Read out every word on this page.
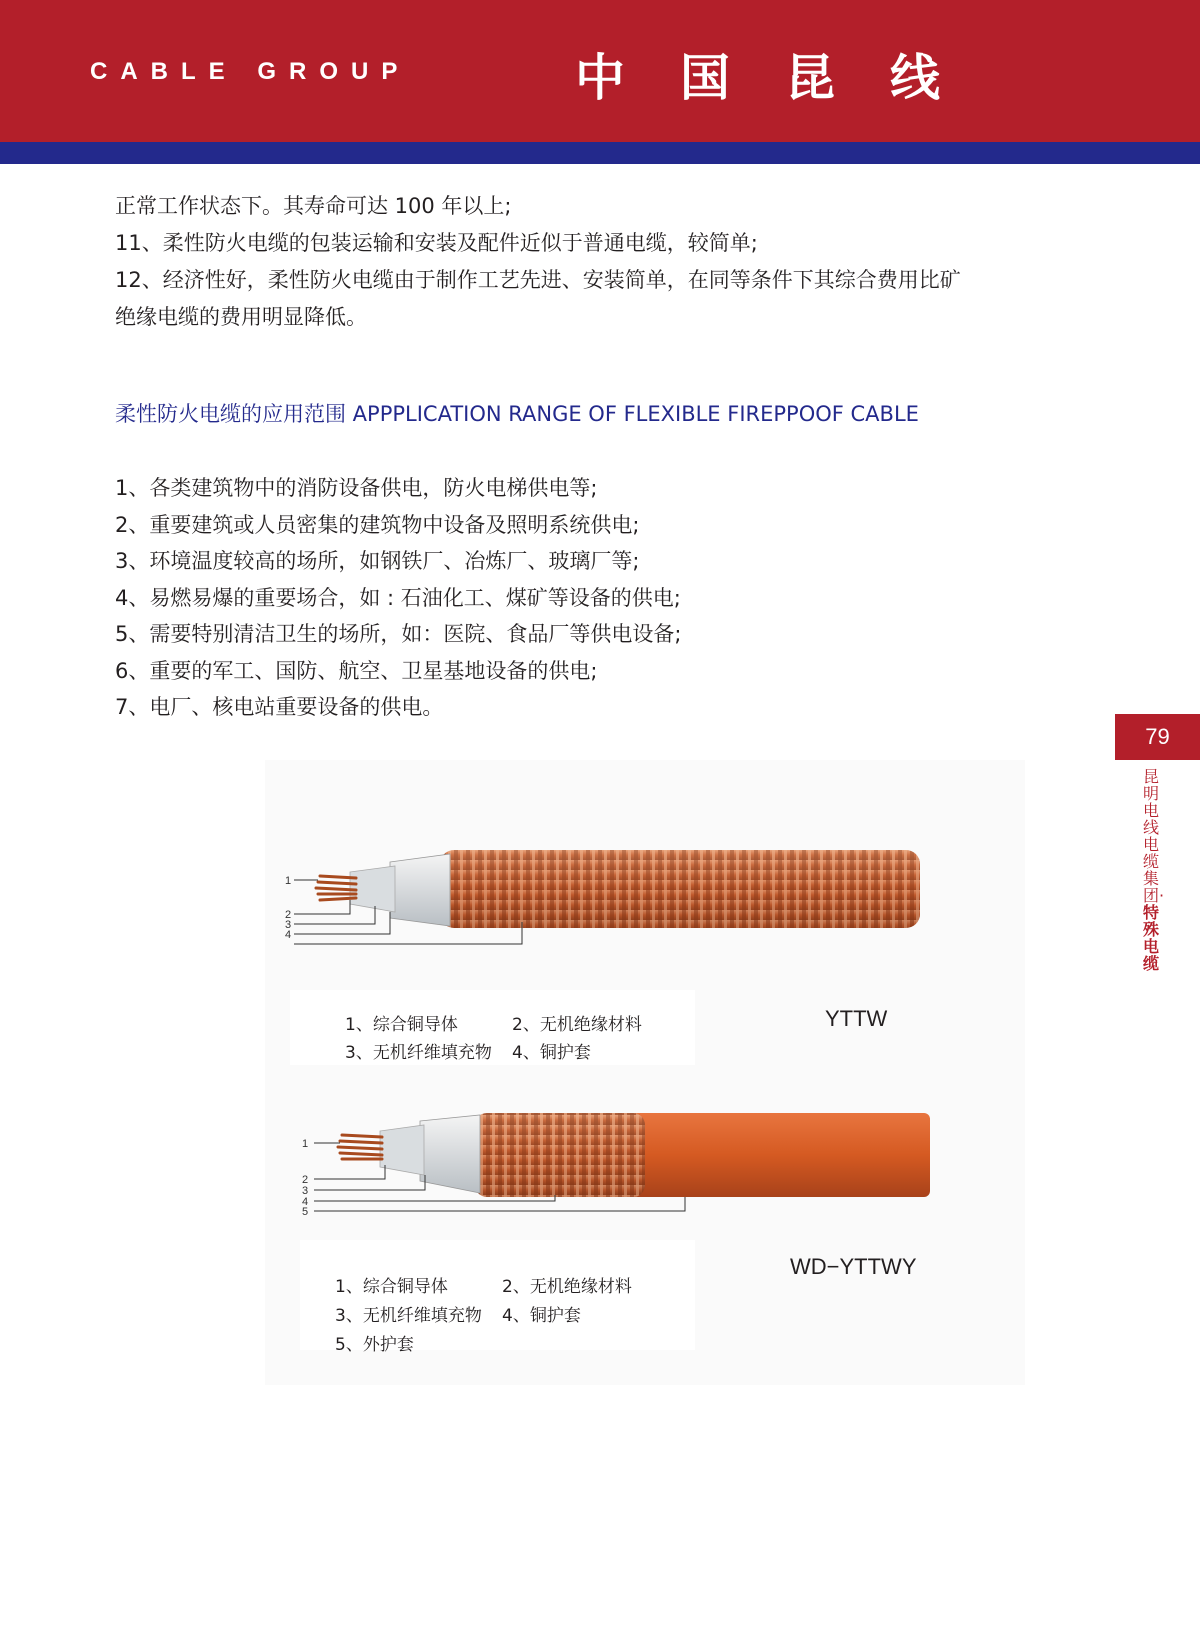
CABLE GROUP	中国昆线

正常工作状态下。其寿命可达 100 年以上;

11、柔性防火电缆的包装运输和安装及配件近似于普通电缆，较简单;

12、经济性好，柔性防火电缆由于制作工艺先进、安装简单，在同等条件下其综合费用比矿

绝缘电缆的费用明显降低。

柔性防火电缆的应用范围 APPPLICATION RANGE OF FLEXIBLE FIREPPOOF CABLE
1、各类建筑物中的消防设备供电，防火电梯供电等;
2、重要建筑或人员密集的建筑物中设备及照明系统供电;
3、环境温度较高的场所，如钢铁厂、冶炼厂、玻璃厂等;
4、易燃易爆的重要场合，如 : 石油化工、煤矿等设备的供电;
5、需要特别清洁卫生的场所，如：医院、食品厂等供电设备;
6、重要的军工、国防、航空、卫星基地设备的供电;
7、电厂、核电站重要设备的供电。
79
昆明电线电缆集团·特殊电缆
1
2
3
4
1、综合铜导体	2、无机绝缘材料
3、无机纤维填充物 4、铜护套
YTTW
1
2
3
4
5
1、综合铜导体	2、无机绝缘材料
3、无机纤维填充物 4、铜护套
5、外护套
WD−YTTWY
